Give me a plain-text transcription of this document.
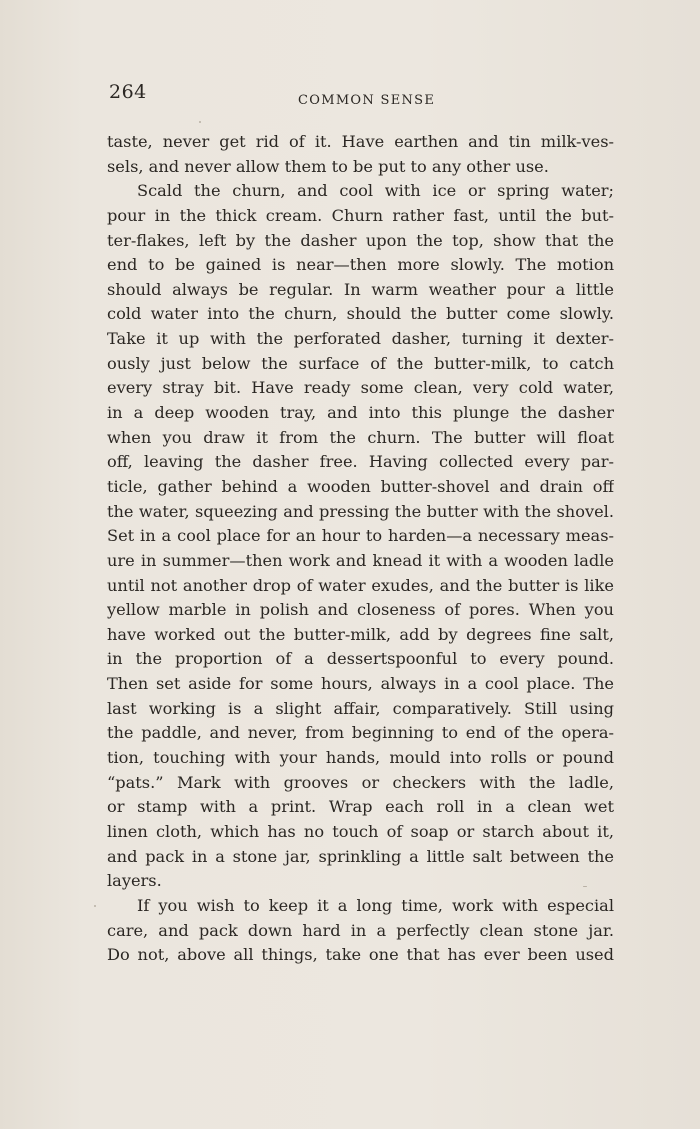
264	COMMON SENSE
taste, never get rid of it. Have earthen and tin milk-ves-
sels, and never allow them to be put to any other use.
Scald the churn, and cool with ice or spring water;
pour in the thick cream. Churn rather fast, until the but-
ter-flakes, left by the dasher upon the top, show that the
end to be gained is near—then more slowly. The motion
should always be regular. In warm weather pour a little
cold water into the churn, should the butter come slowly.
Take it up with the perforated dasher, turning it dexter-
ously just below the surface of the butter-milk, to catch
every stray bit. Have ready some clean, very cold water,
in a deep wooden tray, and into this plunge the dasher
when you draw it from the churn. The butter will float
off, leaving the dasher free. Having collected every par-
ticle, gather behind a wooden butter-shovel and drain off
the water, squeezing and pressing the butter with the shovel.
Set in a cool place for an hour to harden—a necessary meas-
ure in summer—then work and knead it with a wooden ladle
until not another drop of water exudes, and the butter is like
yellow marble in polish and closeness of pores. When you
have worked out the butter-milk, add by degrees fine salt,
in the proportion of a dessertspoonful to every pound.
Then set aside for some hours, always in a cool place. The
last working is a slight affair, comparatively. Still using
the paddle, and never, from beginning to end of the opera-
tion, touching with your hands, mould into rolls or pound
“pats.” Mark with grooves or checkers with the ladle,
or stamp with a print. Wrap each roll in a clean wet
linen cloth, which has no touch of soap or starch about it,
and pack in a stone jar, sprinkling a little salt between the
layers.
If you wish to keep it a long time, work with especial
care, and pack down hard in a perfectly clean stone jar.
Do not, above all things, take one that has ever been used
